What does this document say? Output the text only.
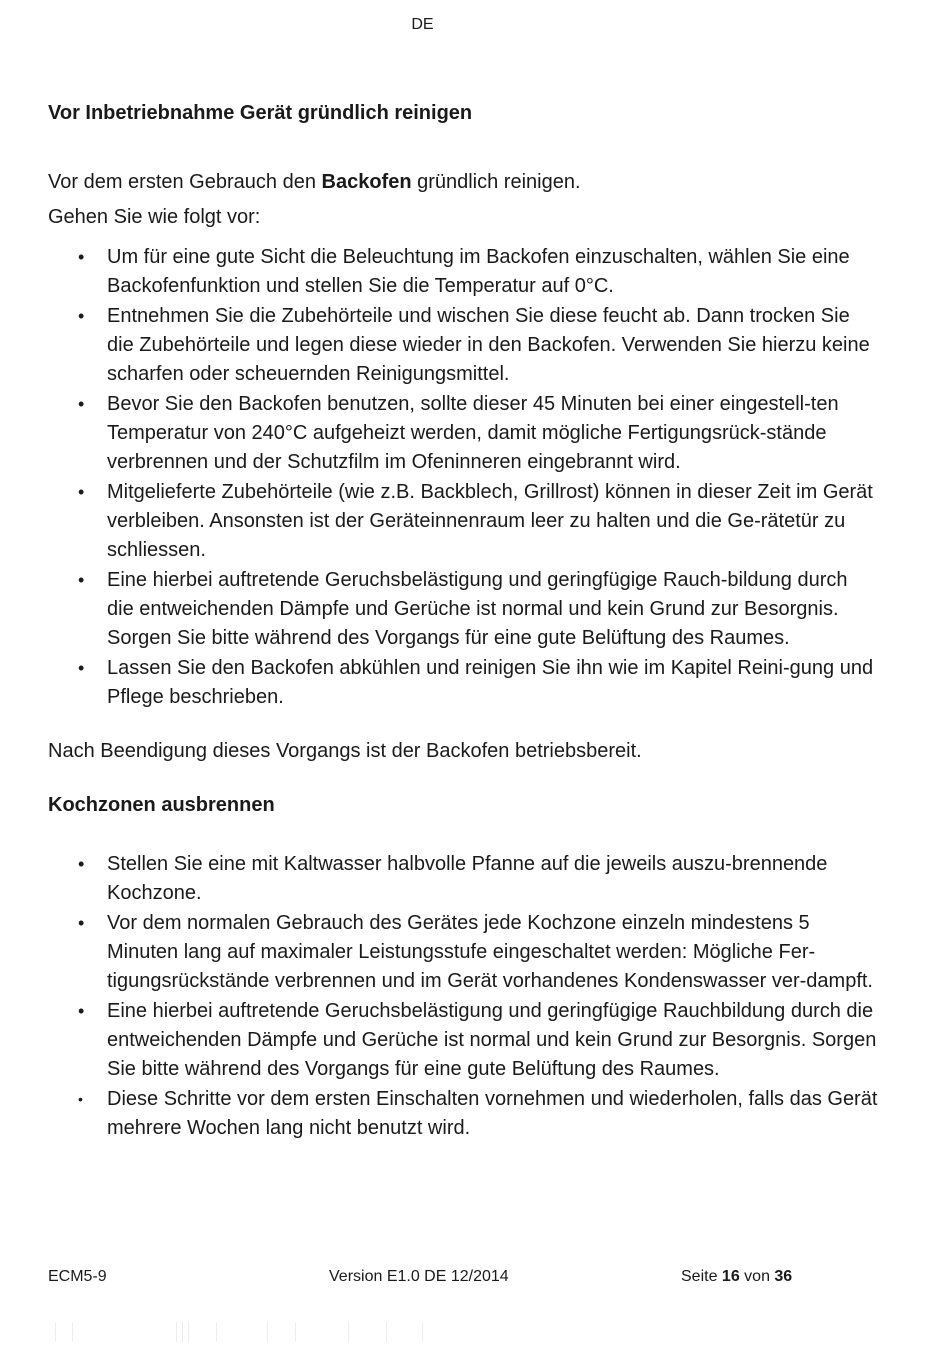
DE
Vor Inbetriebnahme Gerät gründlich reinigen

Vor dem ersten Gebrauch den Backofen gründlich reinigen.

Gehen Sie wie folgt vor:

• Um für eine gute Sicht die Beleuchtung im Backofen einzuschalten, wählen Sie eine Backofenfunktion und stellen Sie die Temperatur auf 0°C.
• Entnehmen Sie die Zubehörteile und wischen Sie diese feucht ab. Dann trocken Sie die Zubehörteile und legen diese wieder in den Backofen. Verwenden Sie hierzu keine scharfen oder scheuernden Reinigungsmittel.
• Bevor Sie den Backofen benutzen, sollte dieser 45 Minuten bei einer eingestell-ten Temperatur von 240°C aufgeheizt werden, damit mögliche Fertigungsrück-stände verbrennen und der Schutzfilm im Ofeninneren eingebrannt wird.
• Mitgelieferte Zubehörteile (wie z.B. Backblech, Grillrost) können in dieser Zeit im Gerät verbleiben. Ansonsten ist der Geräteinnenraum leer zu halten und die Ge-rätetür zu schliessen.
• Eine hierbei auftretende Geruchsbelästigung und geringfügige Rauch-bildung durch die entweichenden Dämpfe und Gerüche ist normal und kein Grund zur Besorgnis. Sorgen Sie bitte während des Vorgangs für eine gute Belüftung des Raumes.
• Lassen Sie den Backofen abkühlen und reinigen Sie ihn wie im Kapitel Reini-gung und Pflege beschrieben.

Nach Beendigung dieses Vorgangs ist der Backofen betriebsbereit.

Kochzonen ausbrennen
• Stellen Sie eine mit Kaltwasser halbvolle Pfanne auf die jeweils auszu-brennende Kochzone.
• Vor dem normalen Gebrauch des Gerätes jede Kochzone einzeln mindestens 5 Minuten lang auf maximaler Leistungsstufe eingeschaltet werden: Mögliche Fer-tigungsrückstände verbrennen und im Gerät vorhandenes Kondenswasser ver-dampft.
• Eine hierbei auftretende Geruchsbelästigung und geringfügige Rauchbildung durch die entweichenden Dämpfe und Gerüche ist normal und kein Grund zur Besorgnis. Sorgen Sie bitte während des Vorgangs für eine gute Belüftung des Raumes.
• Diese Schritte vor dem ersten Einschalten vornehmen und wiederholen, falls das Gerät mehrere Wochen lang nicht benutzt wird.
ECM5-9	Version E1.0 DE 12/2014	Seite 16 von 36
